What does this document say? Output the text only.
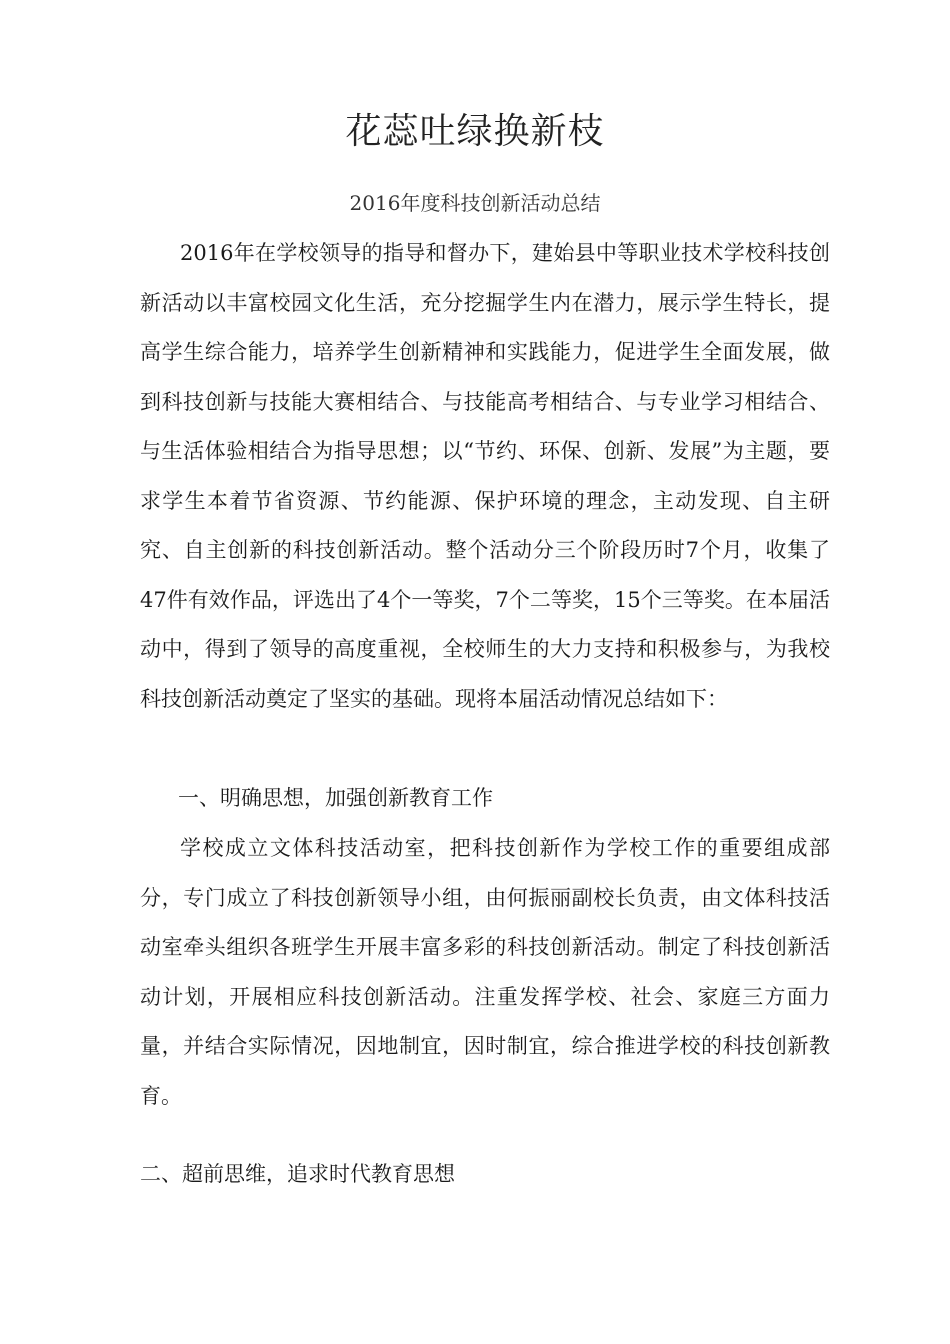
花蕊吐绿换新枝
2016年度科技创新活动总结
2016年在学校领导的指导和督办下，建始县中等职业技术学校科技创新活动以丰富校园文化生活，充分挖掘学生内在潜力，展示学生特长，提高学生综合能力，培养学生创新精神和实践能力，促进学生全面发展，做到科技创新与技能大赛相结合、与技能高考相结合、与专业学习相结合、与生活体验相结合为指导思想；以“节约、环保、创新、发展”为主题，要求学生本着节省资源、节约能源、保护环境的理念，主动发现、自主研究、自主创新的科技创新活动。整个活动分三个阶段历时7个月，收集了47件有效作品，评选出了4个一等奖，7个二等奖，15个三等奖。在本届活动中，得到了领导的高度重视，全校师生的大力支持和积极参与，为我校科技创新活动奠定了坚实的基础。现将本届活动情况总结如下：
一、明确思想，加强创新教育工作
学校成立文体科技活动室，把科技创新作为学校工作的重要组成部分，专门成立了科技创新领导小组，由何振丽副校长负责，由文体科技活动室牵头组织各班学生开展丰富多彩的科技创新活动。制定了科技创新活动计划，开展相应科技创新活动。注重发挥学校、社会、家庭三方面力量，并结合实际情况，因地制宜，因时制宜，综合推进学校的科技创新教育。
二、超前思维，追求时代教育思想
